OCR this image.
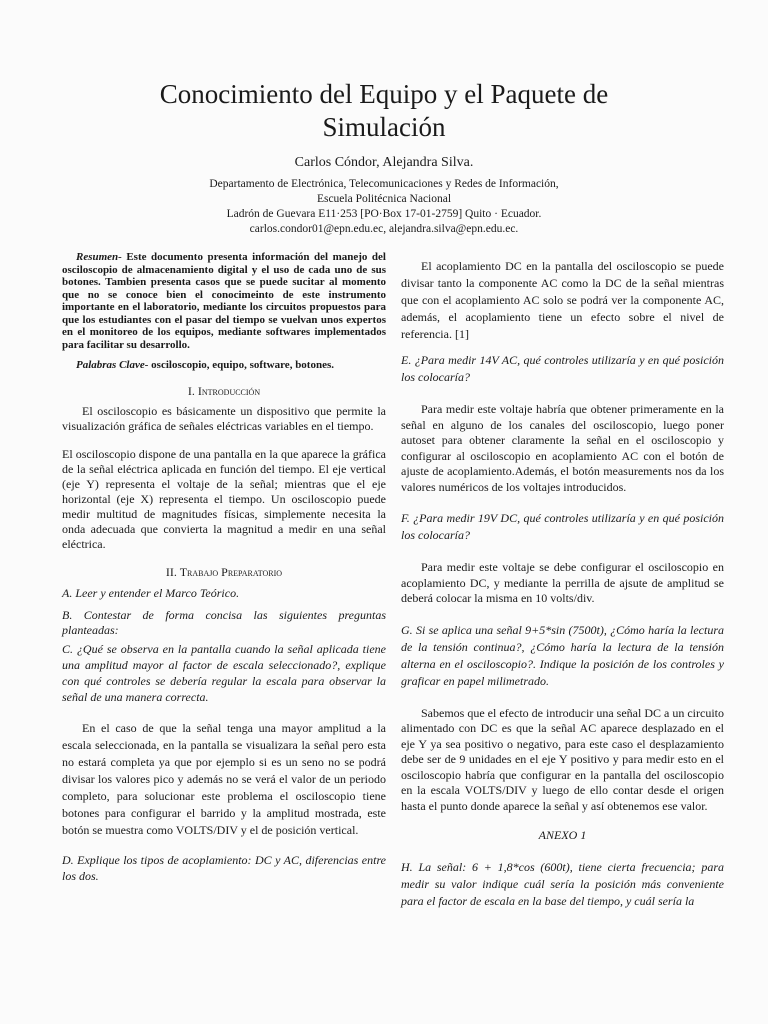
Conocimiento del Equipo y el Paquete de
Simulación
Carlos Cóndor, Alejandra Silva.
Departamento de Electrónica, Telecomunicaciones y Redes de Información,
Escuela Politécnica Nacional
Ladrón de Guevara E11·253 [PO·Box 17-01-2759] Quito · Ecuador.
carlos.condor01@epn.edu.ec, alejandra.silva@epn.edu.ec.

Resumen- Este documento presenta información del manejo del osciloscopio de almacenamiento digital y el uso de cada uno de sus botones. Tambien presenta casos que se puede sucitar al momento que no se conoce bien el conocimeinto de este instrumento importante en el laboratorio, mediante los circuitos propuestos para que los estudiantes con el pasar del tiempo se vuelvan unos expertos en el monitoreo de los equipos, mediante softwares implementados para facilitar su desarrollo.

Palabras Clave- osciloscopio, equipo, software, botones.

I. Introducción

El osciloscopio es básicamente un dispositivo que permite la visualización gráfica de señales eléctricas variables en el tiempo.

El osciloscopio dispone de una pantalla en la que aparece la gráfica de la señal eléctrica aplicada en función del tiempo. El eje vertical (eje Y) representa el voltaje de la señal; mientras que el eje horizontal (eje X) representa el tiempo. Un osciloscopio puede medir multitud de magnitudes físicas, simplemente necesita la onda adecuada que convierta la magnitud a medir en una señal eléctrica.

II. Trabajo Preparatorio

A. Leer y entender el Marco Teórico.

B. Contestar de forma concisa las siguientes preguntas planteadas:

C. ¿Qué se observa en la pantalla cuando la señal aplicada tiene una amplitud mayor al factor de escala seleccionado?, explique con qué controles se debería regular la escala para observar la señal de una manera correcta.

En el caso de que la señal tenga una mayor amplitud a la escala seleccionada, en la pantalla se visualizara la señal pero esta no estará completa ya que por ejemplo si es un seno no se podrá divisar los valores pico y además no se verá el valor de un periodo completo, para solucionar este problema el osciloscopio tiene botones para configurar el barrido y la amplitud mostrada, este botón se muestra como VOLTS/DIV y el de posición vertical.

D. Explique los tipos de acoplamiento: DC y AC, diferencias entre los dos.

El acoplamiento DC en la pantalla del osciloscopio se puede divisar tanto la componente AC como la DC de la señal mientras que con el acoplamiento AC solo se podrá ver la componente AC, además, el acoplamiento tiene un efecto sobre el nivel de referencia. [1]

E. ¿Para medir 14V AC, qué controles utilizaría y en qué posición los colocaría?

Para medir este voltaje habría que obtener primeramente en la señal en alguno de los canales del osciloscopio, luego poner autoset para obtener claramente la señal en el osciloscopio y configurar al osciloscopio en acoplamiento AC con el botón de ajuste de acoplamiento.Además, el botón measurements nos da los valores numéricos de los voltajes introducidos.

F. ¿Para medir 19V DC, qué controles utilizaría y en qué posición los colocaría?

Para medir este voltaje se debe configurar el osciloscopio en acoplamiento DC, y mediante la perrilla de ajsute de amplitud se deberá colocar la misma en 10 volts/div.

G. Si se aplica una señal 9+5*sin (7500t), ¿Cómo haría la lectura de la tensión continua?, ¿Cómo haría la lectura de la tensión alterna en el osciloscopio?. Indique la posición de los controles y graficar en papel milimetrado.

Sabemos que el efecto de introducir una señal DC a un circuito alimentado con DC es que la señal AC aparece desplazado en el eje Y ya sea positivo o negativo, para este caso el desplazamiento debe ser de 9 unidades en el eje Y positivo y para medir esto en el osciloscopio habría que configurar en la pantalla del osciloscopio en la escala VOLTS/DIV y luego de ello contar desde el origen hasta el punto donde aparece la señal y así obtenemos ese valor.

ANEXO 1

H. La señal: 6 + 1,8*cos (600t), tiene cierta frecuencia; para medir su valor indique cuál sería la posición más conveniente para el factor de escala en la base del tiempo, y cuál sería la
